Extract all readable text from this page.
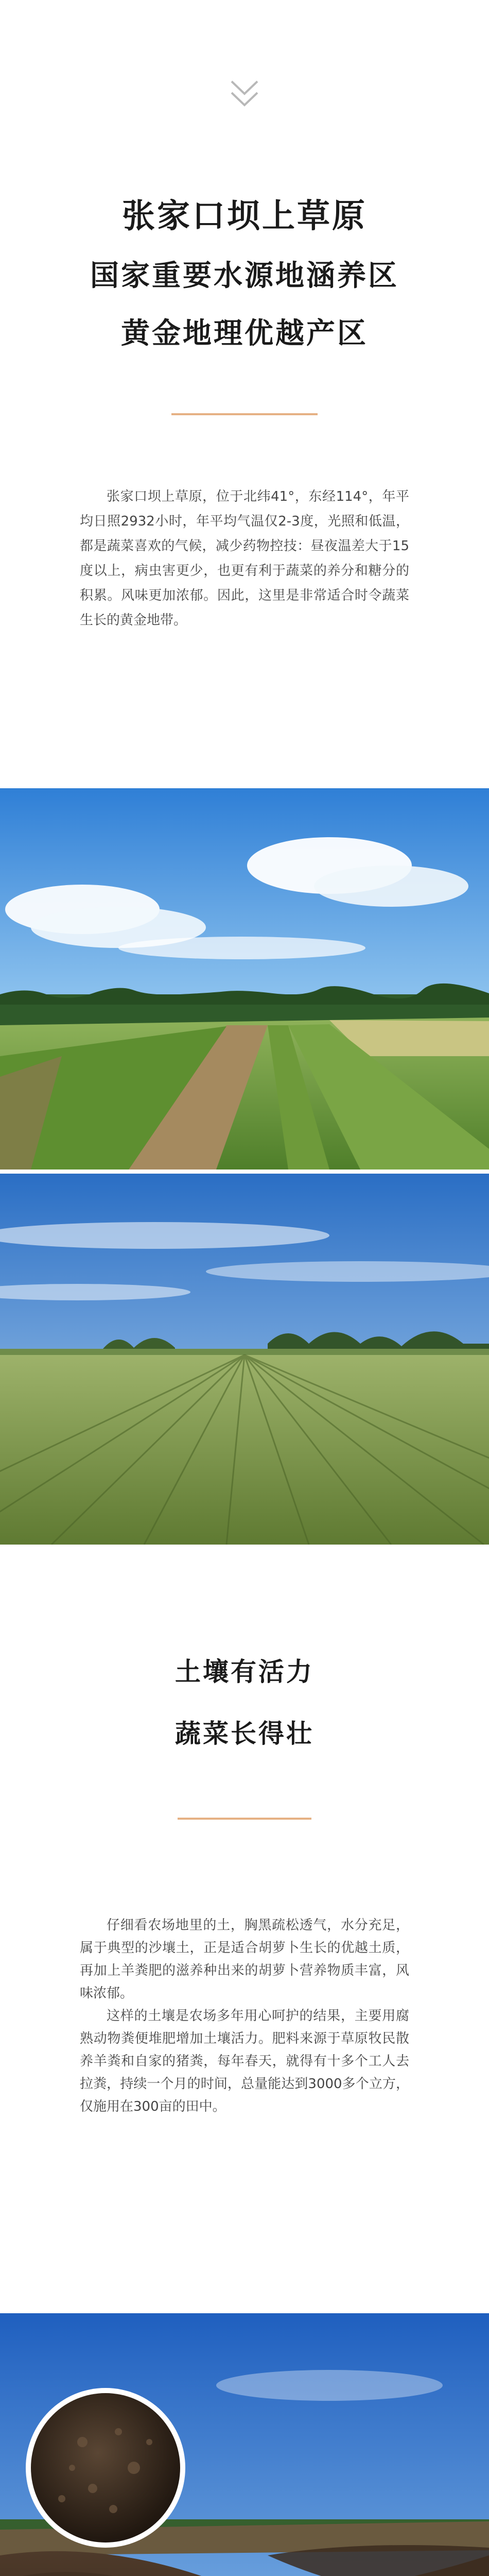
张家口坝上草原
国家重要水源地涵养区
黄金地理优越产区

张家口坝上草原，位于北纬41°，东经114°，年平均日照2932小时，年平均气温仅2-3度，光照和低温，都是蔬菜喜欢的气候，减少药物控技：昼夜温差大于15度以上，病虫害更少，也更有利于蔬菜的养分和糖分的积累。风味更加浓郁。因此，这里是非常适合时令蔬菜生长的黄金地带。

土壤有活力
蔬菜长得壮

仔细看农场地里的土，胸黑疏松透气，水分充足，属于典型的沙壤土，正是适合胡萝卜生长的优越土质，再加上羊粪肥的滋养种出来的胡萝卜营养物质丰富，风味浓郁。

这样的土壤是农场多年用心呵护的结果，主要用腐熟动物粪便堆肥增加土壤活力。肥料来源于草原牧民散养羊粪和自家的猪粪，每年春天，就得有十多个工人去拉粪，持续一个月的时间，总量能达到3000多个立方，仅施用在300亩的田中。
